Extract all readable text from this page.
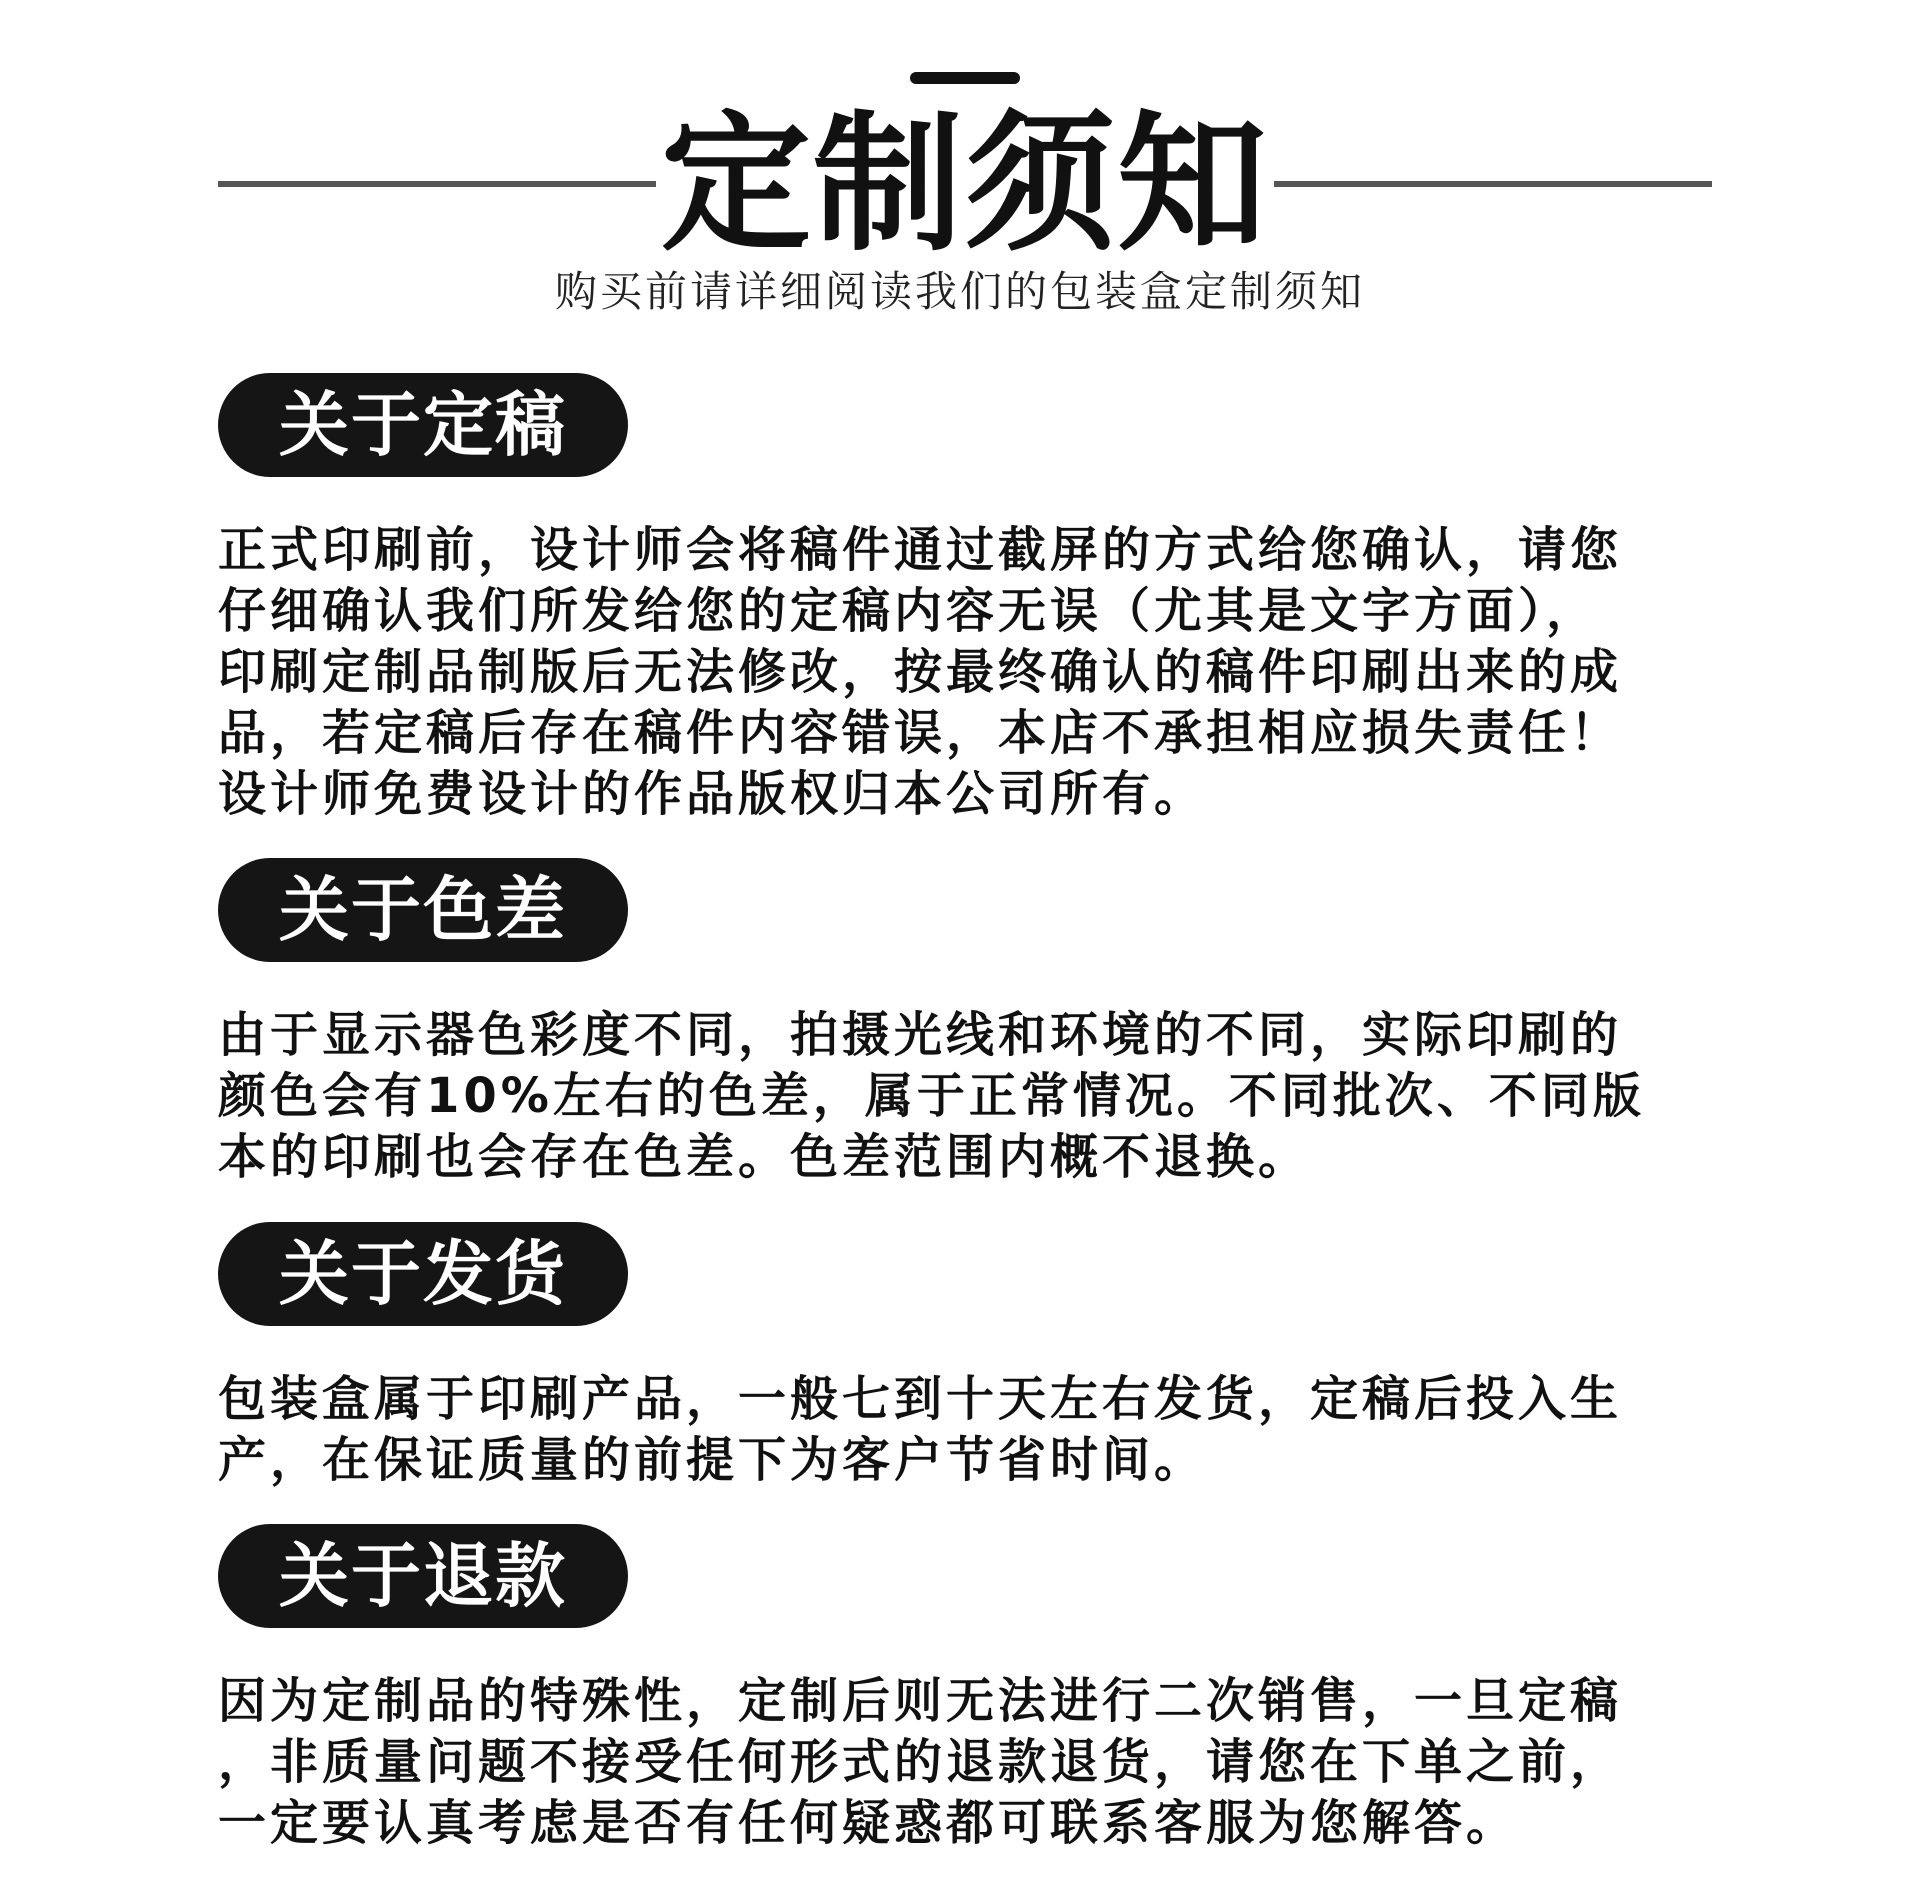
定制须知
购买前请详细阅读我们的包装盒定制须知
关于定稿
正式印刷前，设计师会将稿件通过截屏的方式给您确认，请您
仔细确认我们所发给您的定稿内容无误（尤其是文字方面），
印刷定制品制版后无法修改，按最终确认的稿件印刷出来的成
品，若定稿后存在稿件内容错误，本店不承担相应损失责任！
设计师免费设计的作品版权归本公司所有。
关于色差
由于显示器色彩度不同，拍摄光线和环境的不同，实际印刷的
颜色会有10%左右的色差，属于正常情况。不同批次、不同版
本的印刷也会存在色差。色差范围内概不退换。
关于发货
包装盒属于印刷产品，一般七到十天左右发货，定稿后投入生
产，在保证质量的前提下为客户节省时间。
关于退款
因为定制品的特殊性，定制后则无法进行二次销售，一旦定稿
，非质量问题不接受任何形式的退款退货，请您在下单之前，
一定要认真考虑是否有任何疑惑都可联系客服为您解答。
